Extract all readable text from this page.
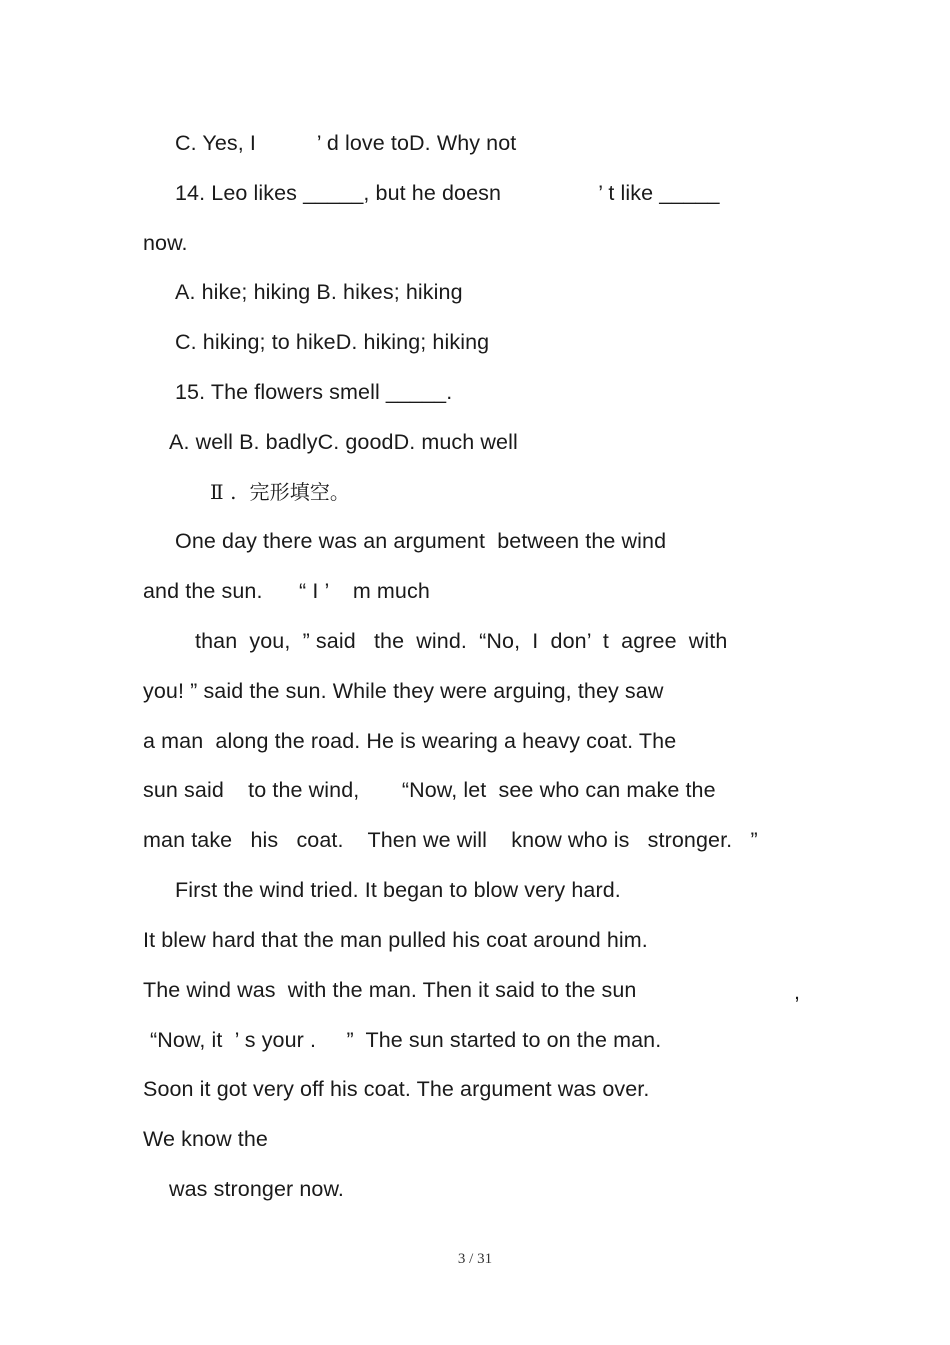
C. Yes, I          ’ d love toD. Why not
14. Leo likes _____, but he doesn                ’ t like _____
now.
A. hike; hiking B. hikes; hiking
C. hiking; to hikeD. hiking; hiking
15. The flowers smell _____.
A. well B. badlyC. goodD. much well
Ⅱ .  完形填空。
One day there was an argument  between the wind
and the sun.      “ I ’    m much
than  you,  ” said   the  wind.  “No,  I  don’  t  agree  with
you! ” said the sun. While they were arguing, they saw
a man  along the road. He is wearing a heavy coat. The
sun said    to the wind,       “Now, let  see who can make the
man take   his   coat.    Then we will    know who is   stronger.   ”
First the wind tried. It began to blow very hard.
It blew hard that the man pulled his coat around him.
The wind was  with the man. Then it said to the sun	,
“Now, it  ’ s your .     ”  The sun started to on the man.
Soon it got very off his coat. The argument was over.
We know the
was stronger now.
3 / 31
